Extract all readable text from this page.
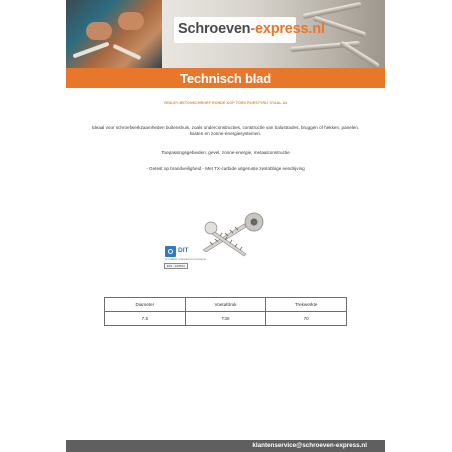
Schroeven-express.nl
Technisch blad
VENLEY-BETONSCHROEF RONDE KOP TORX ROESTVRIJ STAAL A4
Ideaal voor schroefwerkzaamheden buitenshuis, zoals onderconstructies, constructie van balustrades, bruggen of hekken, panelen, kasten en zonne-energiesystemen.
Toepassingsgebieden: gevel, zonne-energie, metaalconstructie
- Getest op brandveiligheid - Met TX-carbide uitgeruste zeslobbige eendrijving
DIT
DOCUMENT D'INDICATION TECHNIQUE
ETA - 13/0514
Diameter	Voetafdruk	Trekwerkte
7.5	T30	70
klantenservice@schroeven-express.nl
